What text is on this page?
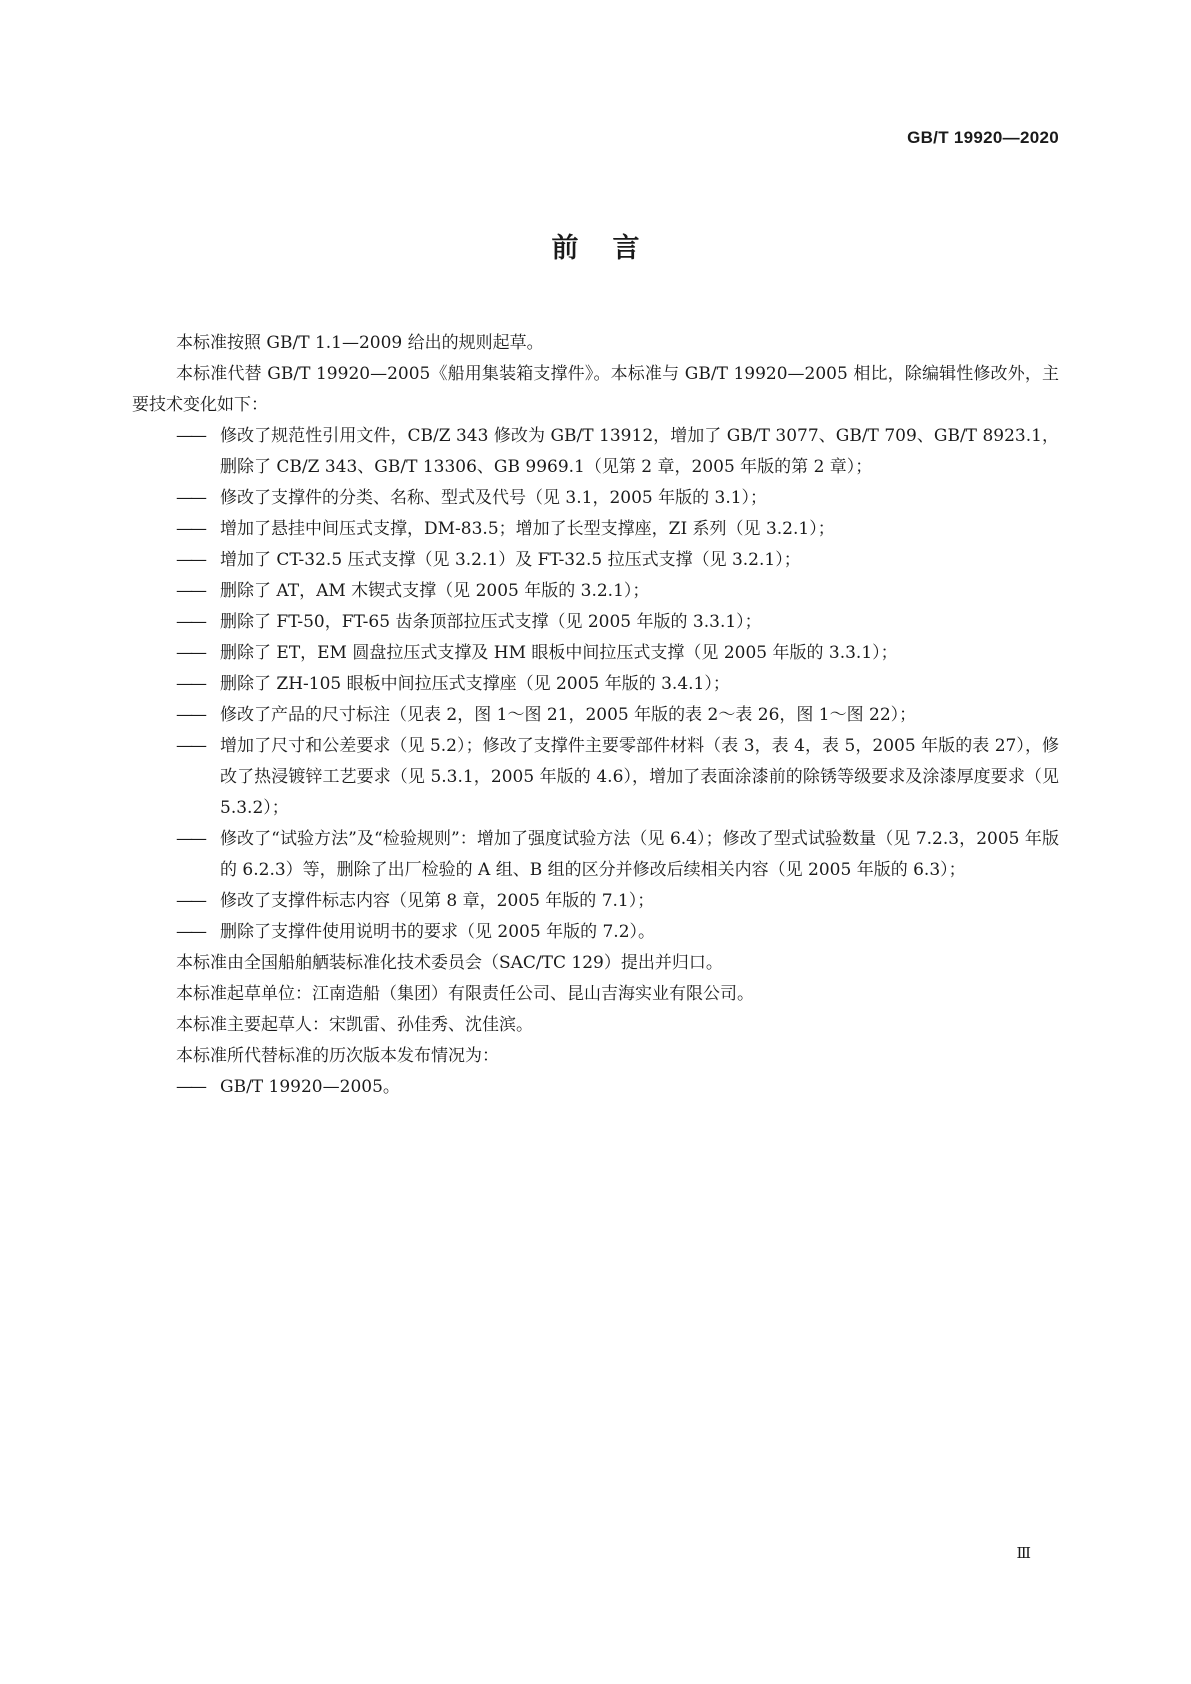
GB/T 19920—2020
前言

本标准按照 GB/T 1.1—2009 给出的规则起草。

本标准代替 GB/T 19920—2005《船用集装箱支撑件》。本标准与 GB/T 19920—2005 相比，除编辑性修改外，主要技术变化如下：

—— 修改了规范性引用文件，CB/Z 343 修改为 GB/T 13912，增加了 GB/T 3077、GB/T 709、GB/T 8923.1，删除了 CB/Z 343、GB/T 13306、GB 9969.1（见第 2 章，2005 年版的第 2 章）；

—— 修改了支撑件的分类、名称、型式及代号（见 3.1，2005 年版的 3.1）；

—— 增加了悬挂中间压式支撑，DM-83.5；增加了长型支撑座，ZI 系列（见 3.2.1）；

—— 增加了 CT-32.5 压式支撑（见 3.2.1）及 FT-32.5 拉压式支撑（见 3.2.1）；

—— 删除了 AT，AM 木锲式支撑（见 2005 年版的 3.2.1）；

—— 删除了 FT-50，FT-65 齿条顶部拉压式支撑（见 2005 年版的 3.3.1）；

—— 删除了 ET，EM 圆盘拉压式支撑及 HM 眼板中间拉压式支撑（见 2005 年版的 3.3.1）；

—— 删除了 ZH-105 眼板中间拉压式支撑座（见 2005 年版的 3.4.1）；

—— 修改了产品的尺寸标注（见表 2，图 1～图 21，2005 年版的表 2～表 26，图 1～图 22）；

—— 增加了尺寸和公差要求（见 5.2）；修改了支撑件主要零部件材料（表 3，表 4，表 5，2005 年版的表 27），修改了热浸镀锌工艺要求（见 5.3.1，2005 年版的 4.6），增加了表面涂漆前的除锈等级要求及涂漆厚度要求（见 5.3.2）；

—— 修改了“试验方法”及“检验规则”：增加了强度试验方法（见 6.4）；修改了型式试验数量（见 7.2.3，2005 年版的 6.2.3）等，删除了出厂检验的 A 组、B 组的区分并修改后续相关内容（见 2005 年版的 6.3）；

—— 修改了支撑件标志内容（见第 8 章，2005 年版的 7.1）；

—— 删除了支撑件使用说明书的要求（见 2005 年版的 7.2）。

本标准由全国船舶舾装标准化技术委员会（SAC/TC 129）提出并归口。

本标准起草单位：江南造船（集团）有限责任公司、昆山吉海实业有限公司。

本标准主要起草人：宋凯雷、孙佳秀、沈佳滨。

本标准所代替标准的历次版本发布情况为：

—— GB/T 19920—2005。

Ⅲ
